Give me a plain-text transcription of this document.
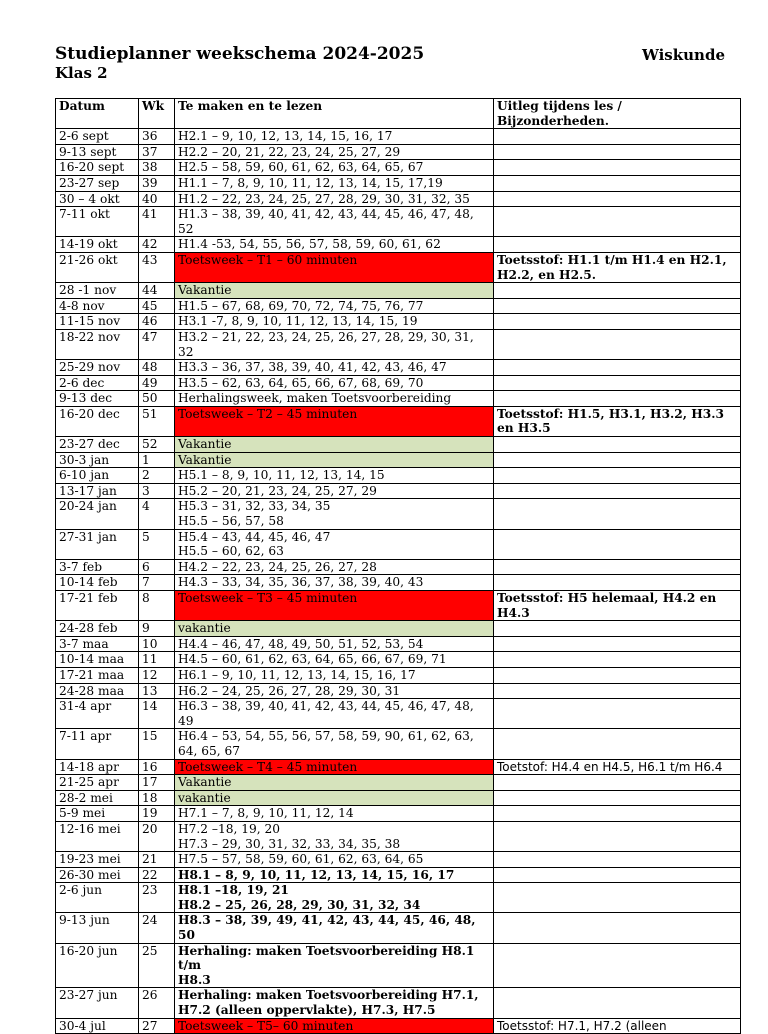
Studieplanner weekschema 2024-2025	Wiskunde
Klas 2
Datum	Wk	Te maken en te lezen	Uitleg tijdens les / Bijzonderheden.
2-6 sept	36	H2.1 – 9, 10, 12, 13, 14, 15, 16, 17	

9-13 sept	37	H2.2 – 20, 21, 22, 23, 24, 25, 27, 29	

16-20 sept	38	H2.5 – 58, 59, 60, 61, 62, 63, 64, 65, 67	

23-27 sep	39	H1.1 – 7, 8, 9, 10, 11, 12, 13, 14, 15, 17,19	

30 – 4 okt	40	H1.2 – 22, 23, 24, 25, 27, 28, 29, 30, 31, 32, 35	

7-11 okt	41	H1.3 – 38, 39, 40, 41, 42, 43, 44, 45, 46, 47, 48,
52	

14-19 okt	42	H1.4 -53, 54, 55, 56, 57, 58, 59, 60, 61, 62	

21-26 okt	43	Toetsweek – T1 – 60 minuten	Toetsstof: H1.1 t/m H1.4 en H2.1, H2.2, en H2.5.
28 -1 nov	44	Vakantie	

4-8 nov	45	H1.5 – 67, 68, 69, 70, 72, 74, 75, 76, 77	

11-15 nov	46	H3.1 -7, 8, 9, 10, 11, 12, 13, 14, 15, 19	

18-22 nov	47	H3.2 – 21, 22, 23, 24, 25, 26, 27, 28, 29, 30, 31,
32	

25-29 nov	48	H3.3 – 36, 37, 38, 39, 40, 41, 42, 43, 46, 47	

2-6 dec	49	H3.5 – 62, 63, 64, 65, 66, 67, 68, 69, 70	

9-13 dec	50	Herhalingsweek, maken Toetsvoorbereiding	

16-20 dec	51	Toetsweek – T2 – 45 minuten	Toetsstof: H1.5, H3.1, H3.2, H3.3 en H3.5
23-27 dec	52	Vakantie	

30-3 jan	1	Vakantie	

6-10 jan	2	H5.1 – 8, 9, 10, 11, 12, 13, 14, 15	

13-17 jan	3	H5.2 – 20, 21, 23, 24, 25, 27, 29	

20-24 jan	4	H5.3 – 31, 32, 33, 34, 35
H5.5 – 56, 57, 58	

27-31 jan	5	H5.4 – 43, 44, 45, 46, 47
H5.5 – 60, 62, 63	

3-7 feb	6	H4.2 – 22, 23, 24, 25, 26, 27, 28	

10-14 feb	7	H4.3 – 33, 34, 35, 36, 37, 38, 39, 40, 43	

17-21 feb	8	Toetsweek – T3 – 45 minuten	Toetsstof: H5 helemaal, H4.2 en H4.3
24-28 feb	9	vakantie	

3-7 maa	10	H4.4 – 46, 47, 48, 49, 50, 51, 52, 53, 54	

10-14 maa	11	H4.5 – 60, 61, 62, 63, 64, 65, 66, 67, 69, 71	

17-21 maa	12	H6.1 – 9, 10, 11, 12, 13, 14, 15, 16, 17	

24-28 maa	13	H6.2 – 24, 25, 26, 27, 28, 29, 30, 31	

31-4 apr	14	H6.3 – 38, 39, 40, 41, 42, 43, 44, 45, 46, 47, 48,
49	

7-11 apr	15	H6.4 – 53, 54, 55, 56, 57, 58, 59, 90, 61, 62, 63,
64, 65, 67	

14-18 apr	16	Toetsweek – T4 – 45 minuten	Toetstof: H4.4 en H4.5, H6.1 t/m H6.4
21-25 apr	17	Vakantie	

28-2 mei	18	vakantie	

5-9 mei	19	H7.1 – 7, 8, 9, 10, 11, 12, 14	

12-16 mei	20	H7.2 –18, 19, 20
H7.3 – 29, 30, 31, 32, 33, 34, 35, 38	

19-23 mei	21	H7.5 – 57, 58, 59, 60, 61, 62, 63, 64, 65	

26-30 mei	22	H8.1 – 8, 9, 10, 11, 12, 13, 14, 15, 16, 17	

2-6 jun	23	H8.1 –18, 19, 21
H8.2 – 25, 26, 28, 29, 30, 31, 32, 34	

9-13 jun	24	H8.3 – 38, 39, 49, 41, 42, 43, 44, 45, 46, 48, 50	

16-20 jun	25	Herhaling: maken Toetsvoorbereiding H8.1 t/m
H8.3	

23-27 jun	26	Herhaling: maken Toetsvoorbereiding H7.1,
H7.2 (alleen oppervlakte), H7.3, H7.5	

30-4 jul	27	Toetsweek – T5– 60 minuten	Toetsstof: H7.1, H7.2 (alleen
